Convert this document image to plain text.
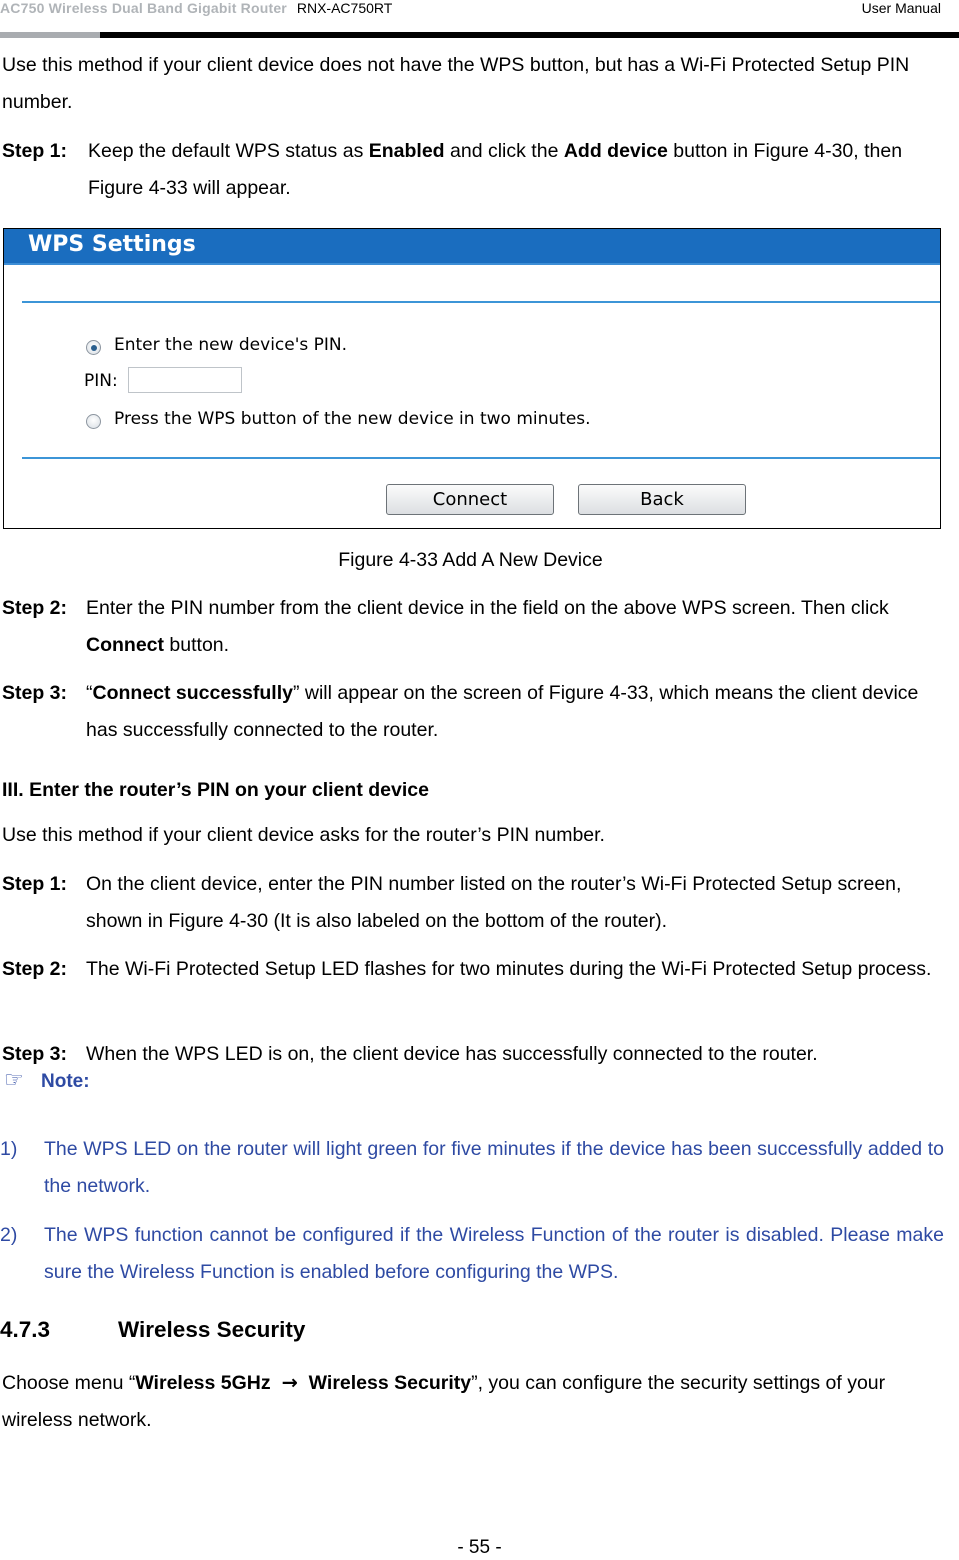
AC750 Wireless Dual Band Gigabit Router RNX-AC750RT	User Manual
Use this method if your client device does not have the WPS button, but has a Wi-Fi Protected Setup PIN number.
Step 1: Keep the default WPS status as Enabled and click the Add device button in Figure 4-30, then Figure 4-33 will appear.
WPS Settings
Enter the new device's PIN.
PIN:
Press the WPS button of the new device in two minutes.
Connect	Back
Figure 4-33 Add A New Device
Step 2: Enter the PIN number from the client device in the field on the above WPS screen. Then click Connect button.
Step 3: “Connect successfully” will appear on the screen of Figure 4-33, which means the client device has successfully connected to the router.
III. Enter the router’s PIN on your client device
Use this method if your client device asks for the router’s PIN number.
Step 1: On the client device, enter the PIN number listed on the router’s Wi-Fi Protected Setup screen, shown in Figure 4-30 (It is also labeled on the bottom of the router).
Step 2: The Wi-Fi Protected Setup LED flashes for two minutes during the Wi-Fi Protected Setup process.
Step 3: When the WPS LED is on, the client device has successfully connected to the router.
☞ Note:
1) The WPS LED on the router will light green for five minutes if the device has been successfully added to the network.
2) The WPS function cannot be configured if the Wireless Function of the router is disabled. Please make sure the Wireless Function is enabled before configuring the WPS.
4.7.3	Wireless Security
Choose menu “Wireless 5GHz → Wireless Security”, you can configure the security settings of your wireless network.
- 55 -
